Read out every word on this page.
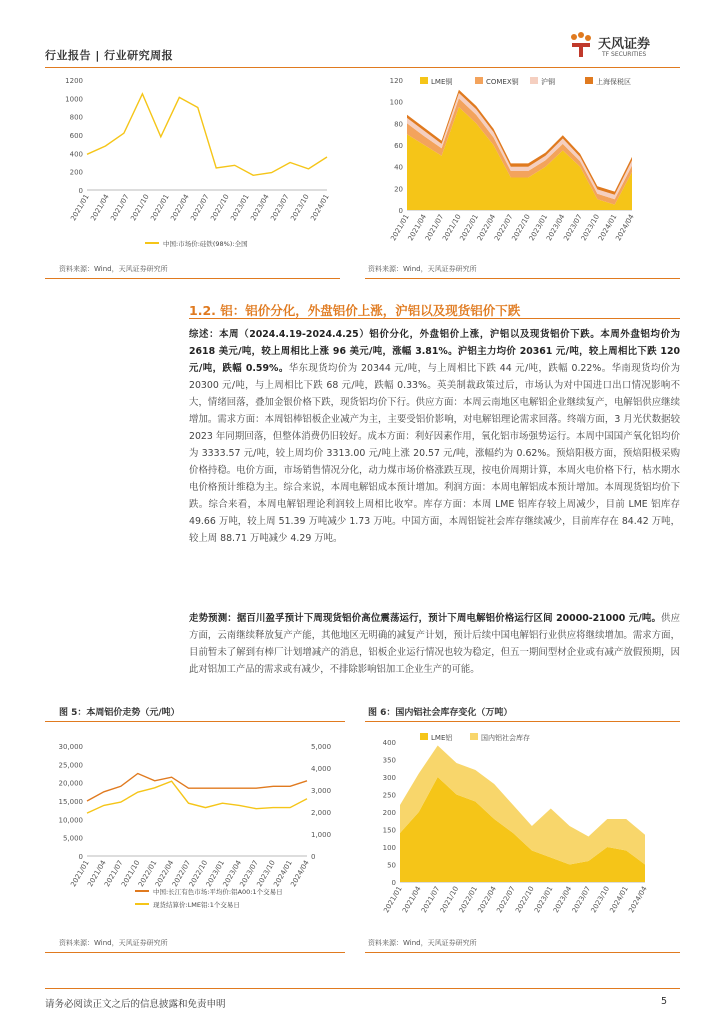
行业报告 | 行业研究周报
天风证券
TF SECURITIES
0
200
400
600
800
1000
1200
2021/01
2021/04
2021/07
2021/10
2022/01
2022/04
2022/07
2022/10
2023/01
2023/04
2023/07
2023/10
2024/01
中国:市场价:硅铁(98%):全国
资料来源：Wind，天风证券研究所
0
20
40
60
80
100
120
2021/01
2021/04
2021/07
2021/10
2022/01
2022/04
2022/07
2022/10
2023/01
2023/04
2023/07
2023/10
2024/01
2024/04
LME铜	COMEX铜	沪铜	上海保税区
资料来源：Wind，天风证券研究所
1.2. 铝：铝价分化，外盘铝价上涨，沪铝以及现货铝价下跌
综述：本周（2024.4.19-2024.4.25）铝价分化，外盘铝价上涨，沪铝以及现货铝价下跌。本周外盘铝均价为 2618 美元/吨，较上周相比上涨 96 美元/吨，涨幅 3.81%。沪铝主力均价 20361 元/吨，较上周相比下跌 120 元/吨，跌幅 0.59%。华东现货均价为 20344 元/吨，与上周相比下跌 44 元/吨，跌幅 0.22%。华南现货均价为 20300 元/吨，与上周相比下跌 68 元/吨，跌幅 0.33%。英美制裁政策过后，市场认为对中国进口出口情况影响不大，情绪回落，叠加金银价格下跌，现货铝均价下行。供应方面：本周云南地区电解铝企业继续复产，电解铝供应继续增加。需求方面：本周铝棒铝板企业减产为主，主要受铝价影响，对电解铝理论需求回落。终端方面，3 月光伏数据较 2023 年同期回落，但整体消费仍旧较好。成本方面：利好因素作用，氧化铝市场强势运行。本周中国国产氧化铝均价为 3333.57 元/吨，较上周均价 3313.00 元/吨上涨 20.57 元/吨，涨幅约为 0.62%。预焙阳极方面，预焙阳极采购价格持稳。电价方面，市场销售情况分化，动力煤市场价格涨跌互现，按电价周期计算，本周火电价格下行，枯水期水电价格预计维稳为主。综合来说，本周电解铝成本预计增加。利润方面：本周电解铝成本预计增加。本周现货铝均价下跌。综合来看，本周电解铝理论利润较上周相比收窄。库存方面：本周 LME 铝库存较上周减少，目前 LME 铝库存 49.66 万吨，较上周 51.39 万吨减少 1.73 万吨。中国方面，本周铝锭社会库存继续减少，目前库存在 84.42 万吨，较上周 88.71 万吨减少 4.29 万吨。
走势预测：据百川盈孚预计下周现货铝价高位震荡运行，预计下周电解铝价格运行区间 20000-21000 元/吨。供应方面，云南继续释放复产产能，其他地区无明确的减复产计划，预计后续中国电解铝行业供应将继续增加。需求方面，目前暂未了解到有棒厂计划增减产的消息，铝板企业运行情况也较为稳定，但五一期间型材企业或有减产放假预期，因此对铝加工产品的需求或有减少，不排除影响铝加工企业生产的可能。
图 5：本周铝价走势（元/吨）
0
5,000
10,000
15,000
20,000
25,000
30,000
0
1,000
2,000
3,000
4,000
5,000
2021/01
2021/04
2021/07
2021/10
2022/01
2022/04
2022/07
2022/10
2023/01
2023/04
2023/07
2023/10
2024/01
2024/04
中国:长江有色市场:平均价:铝A00:1个交易日
现货结算价:LME铝:1个交易日
资料来源：Wind，天风证券研究所
图 6：国内铝社会库存变化（万吨）
0
50
100
150
200
250
300
350
400
2021/01
2021/04
2021/07
2021/10
2022/01
2022/04
2022/07
2022/10
2023/01
2023/04
2023/07
2023/10
2024/01
2024/04
LME铝	国内铝社会库存
资料来源：Wind，天风证券研究所
请务必阅读正文之后的信息披露和免责申明	5
